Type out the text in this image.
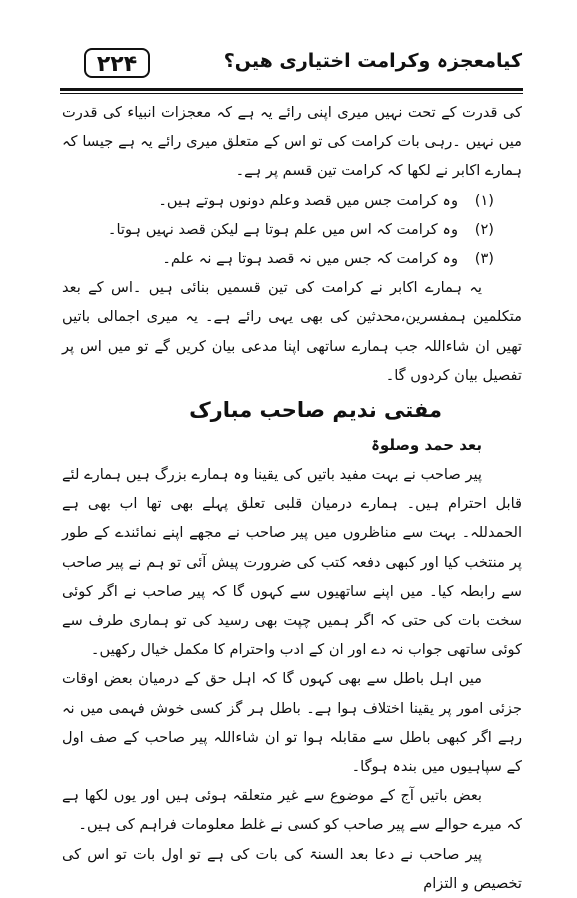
۲۲۴	کیامعجزہ وکرامت اختیاری ھیں؟

کی قدرت کے تحت نہیں میری اپنی رائے یہ ہے کہ معجزات انبیاء کی قدرت میں نہیں ۔رہی بات کرامت کی تو اس کے متعلق میری رائے یہ ہے جیسا کہ ہمارے اکابر نے لکھا کہ کرامت تین قسم پر ہے۔

(۱)وہ کرامت جس میں قصد وعلم دونوں ہوتے ہیں۔
(۲)وہ کرامت کہ اس میں علم ہوتا ہے لیکن قصد نہیں ہوتا۔
(۳)وہ کرامت کہ جس میں نہ قصد ہوتا ہے نہ علم۔

یہ ہمارے اکابر نے کرامت کی تین قسمیں بنائی ہیں ۔اس کے بعد متکلمین ہمفسرین،محدثین کی بھی یہی رائے ہے۔ یہ میری اجمالی باتیں تھیں ان شاءاللہ جب ہمارے ساتھی اپنا مدعی بیان کریں گے تو میں اس پر تفصیل بیان کردوں گا۔

مفتی ندیم صاحب مبارک
بعد حمد وصلوۃ

پیر صاحب نے بہت مفید باتیں کی یقینا وہ ہمارے بزرگ ہیں ہمارے لئے قابل احترام ہیں۔ ہمارے درمیان قلبی تعلق پہلے بھی تھا اب بھی ہے الحمدللہ۔ بہت سے مناظروں میں پیر صاحب نے مجھے اپنے نمائندے کے طور پر منتخب کیا اور کبھی دفعہ کتب کی ضرورت پیش آئی تو ہم نے پیر صاحب سے رابطہ کیا۔ میں اپنے ساتھیوں سے کہوں گا کہ پیر صاحب نے اگر کوئی سخت بات کی حتی کہ اگر ہمیں چپت بھی رسید کی تو ہماری طرف سے کوئی ساتھی جواب نہ دے اور ان کے ادب واحترام کا مکمل خیال رکھیں۔

میں اہل باطل سے بھی کہوں گا کہ اہل حق کے درمیان بعض اوقات جزئی امور پر یقینا اختلاف ہوا ہے۔ باطل ہر گز کسی خوش فہمی میں نہ رہے اگر کبھی باطل سے مقابلہ ہوا تو ان شاءاللہ پیر صاحب کے صف اول کے سپاہیوں میں بندہ ہوگا۔

بعض باتیں آج کے موضوع سے غیر متعلقہ ہوئی ہیں اور یوں لکھا ہے کہ میرے حوالے سے پیر صاحب کو کسی نے غلط معلومات فراہم کی ہیں۔

پیر صاحب نے دعا بعد السنۃ کی بات کی ہے تو اول بات تو اس کی تخصیص و التزام
